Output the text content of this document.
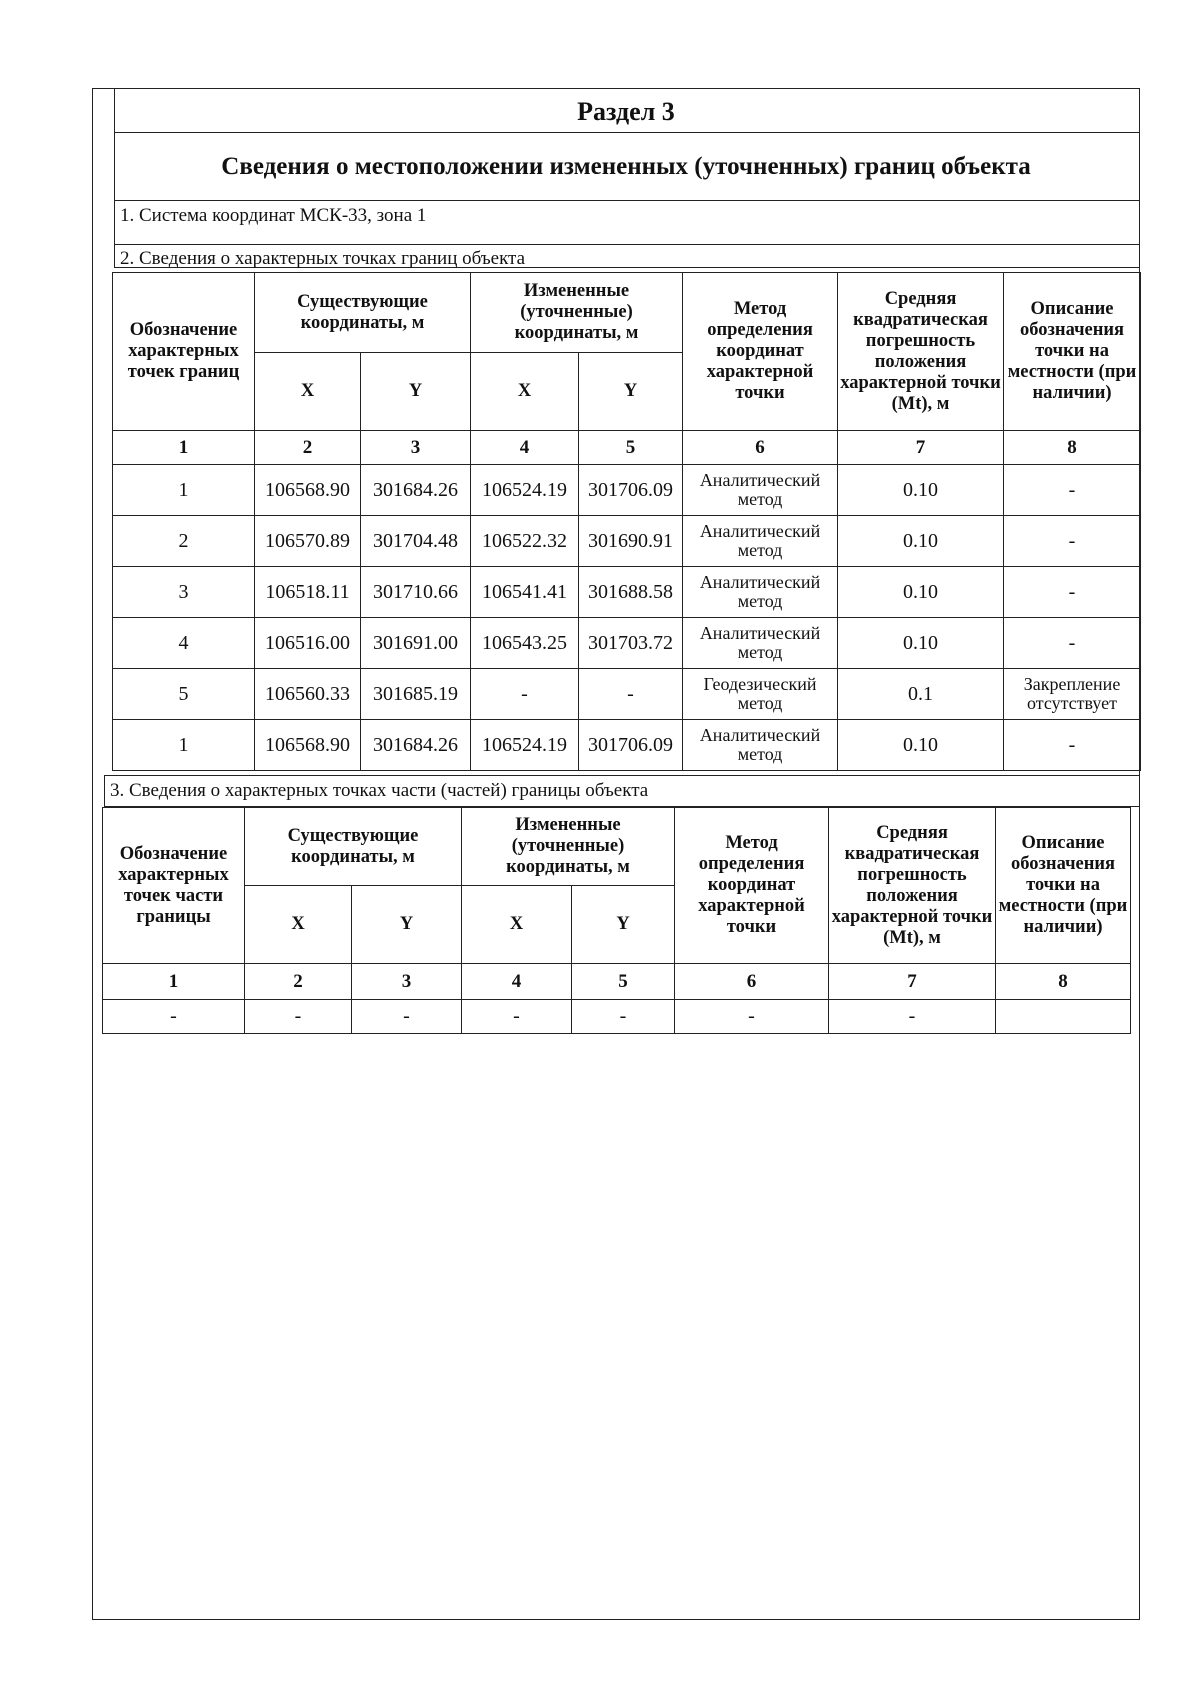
Раздел 3
Сведения о местоположении измененных (уточненных) границ объекта
1. Система координат МСК-33, зона 1
2. Сведения о характерных точках границ объекта
Обозначение характерных точек границ	Существующие координаты, м		Измененные (уточненные) координаты, м		Метод определения координат характерной точки	Средняя квадратическая погрешность положения характерной точки (Mt), м	Описание обозначения точки на местности (при наличии)
	X	Y	X	Y			
1	2	3	4	5	6	7	8
1	106568.90	301684.26	106524.19	301706.09	Аналитический метод	0.10	-
2	106570.89	301704.48	106522.32	301690.91	Аналитический метод	0.10	-
3	106518.11	301710.66	106541.41	301688.58	Аналитический метод	0.10	-
4	106516.00	301691.00	106543.25	301703.72	Аналитический метод	0.10	-
5	106560.33	301685.19	-	-	Геодезический метод	0.1	Закрепление отсутствует
1	106568.90	301684.26	106524.19	301706.09	Аналитический метод	0.10	-
3. Сведения о характерных точках части (частей) границы объекта
Обозначение характерных точек части границы	Существующие координаты, м		Измененные (уточненные) координаты, м		Метод определения координат характерной точки	Средняя квадратическая погрешность положения характерной точки (Mt), м	Описание обозначения точки на местности (при наличии)
	X	Y	X	Y			
1	2	3	4	5	6	7	8
-	-	-	-	-	-	-	
